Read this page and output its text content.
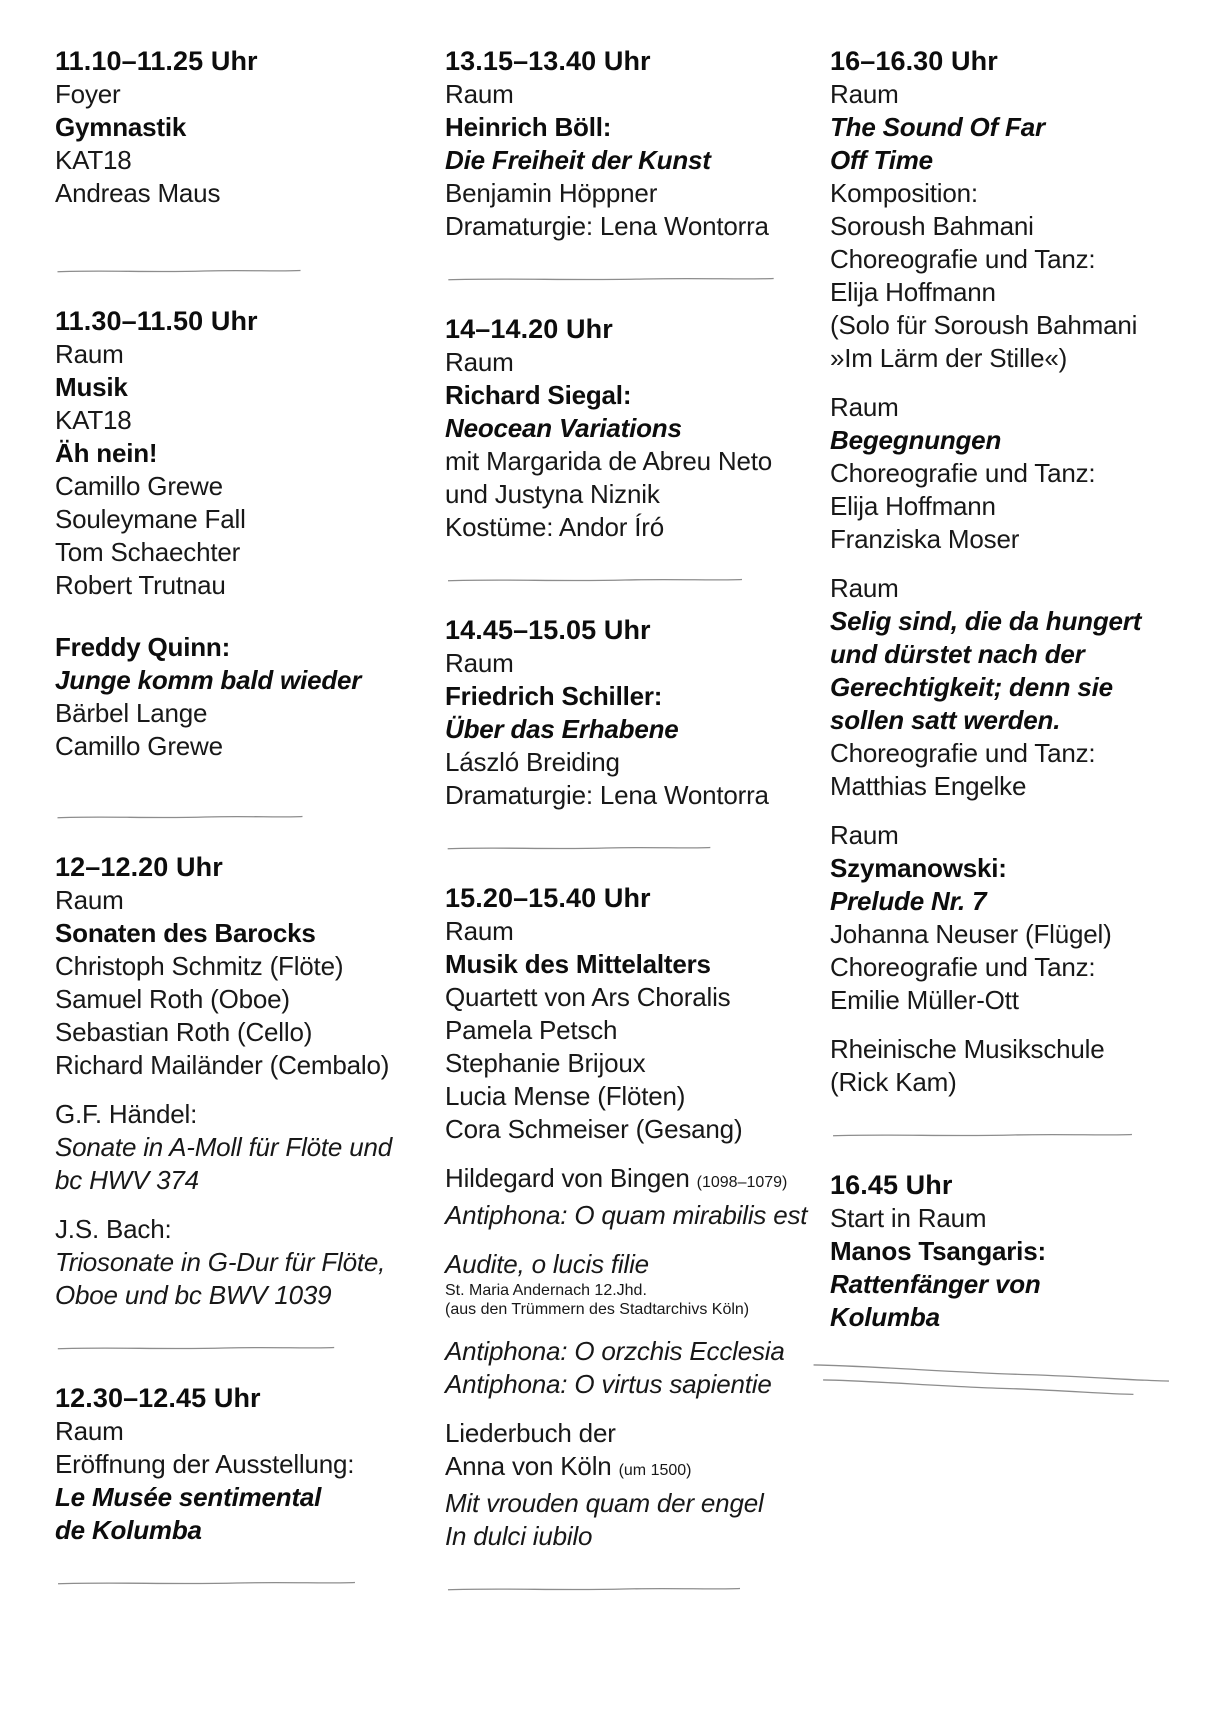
11.10–11.25 Uhr
Foyer
Gymnastik
KAT18
Andreas Maus
11.30–11.50 Uhr
Raum
Musik
KAT18
Äh nein!
Camillo Grewe
Souleymane Fall
Tom Schaechter
Robert Trutnau
Freddy Quinn:
Junge komm bald wieder
Bärbel Lange
Camillo Grewe
12–12.20 Uhr
Raum
Sonaten des Barocks
Christoph Schmitz (Flöte)
Samuel Roth (Oboe)
Sebastian Roth (Cello)
Richard Mailänder (Cembalo)
G.F. Händel:
Sonate in A-Moll für Flöte und
bc HWV 374
J.S. Bach:
Triosonate in G-Dur für Flöte,
Oboe und bc BWV 1039
12.30–12.45 Uhr
Raum
Eröffnung der Ausstellung:
Le Musée sentimental
de Kolumba
13.15–13.40 Uhr
Raum
Heinrich Böll:
Die Freiheit der Kunst
Benjamin Höppner
Dramaturgie: Lena Wontorra
14–14.20 Uhr
Raum
Richard Siegal:
Neocean Variations
mit Margarida de Abreu Neto
und Justyna Niznik
Kostüme: Andor Író
14.45–15.05 Uhr
Raum
Friedrich Schiller:
Über das Erhabene
László Breiding
Dramaturgie: Lena Wontorra
15.20–15.40 Uhr
Raum
Musik des Mittelalters
Quartett von Ars Choralis
Pamela Petsch
Stephanie Brijoux
Lucia Mense (Flöten)
Cora Schmeiser (Gesang)
Hildegard von Bingen (1098–1079)
Antiphona: O quam mirabilis est
Audite, o lucis filie
St. Maria Andernach 12.Jhd.
(aus den Trümmern des Stadtarchivs Köln)
Antiphona: O orzchis Ecclesia
Antiphona: O virtus sapientie
Liederbuch der
Anna von Köln (um 1500)
Mit vrouden quam der engel
In dulci iubilo
16–16.30 Uhr
Raum
The Sound Of Far
Off Time
Komposition:
Soroush Bahmani
Choreografie und Tanz:
Elija Hoffmann
(Solo für Soroush Bahmani
»Im Lärm der Stille«)
Raum
Begegnungen
Choreografie und Tanz:
Elija Hoffmann
Franziska Moser
Raum
Selig sind, die da hungert
und dürstet nach der
Gerechtigkeit; denn sie
sollen satt werden.
Choreografie und Tanz:
Matthias Engelke
Raum
Szymanowski:
Prelude Nr. 7
Johanna Neuser (Flügel)
Choreografie und Tanz:
Emilie Müller-Ott
Rheinische Musikschule
(Rick Kam)
16.45 Uhr
Start in Raum
Manos Tsangaris:
Rattenfänger von
Kolumba
